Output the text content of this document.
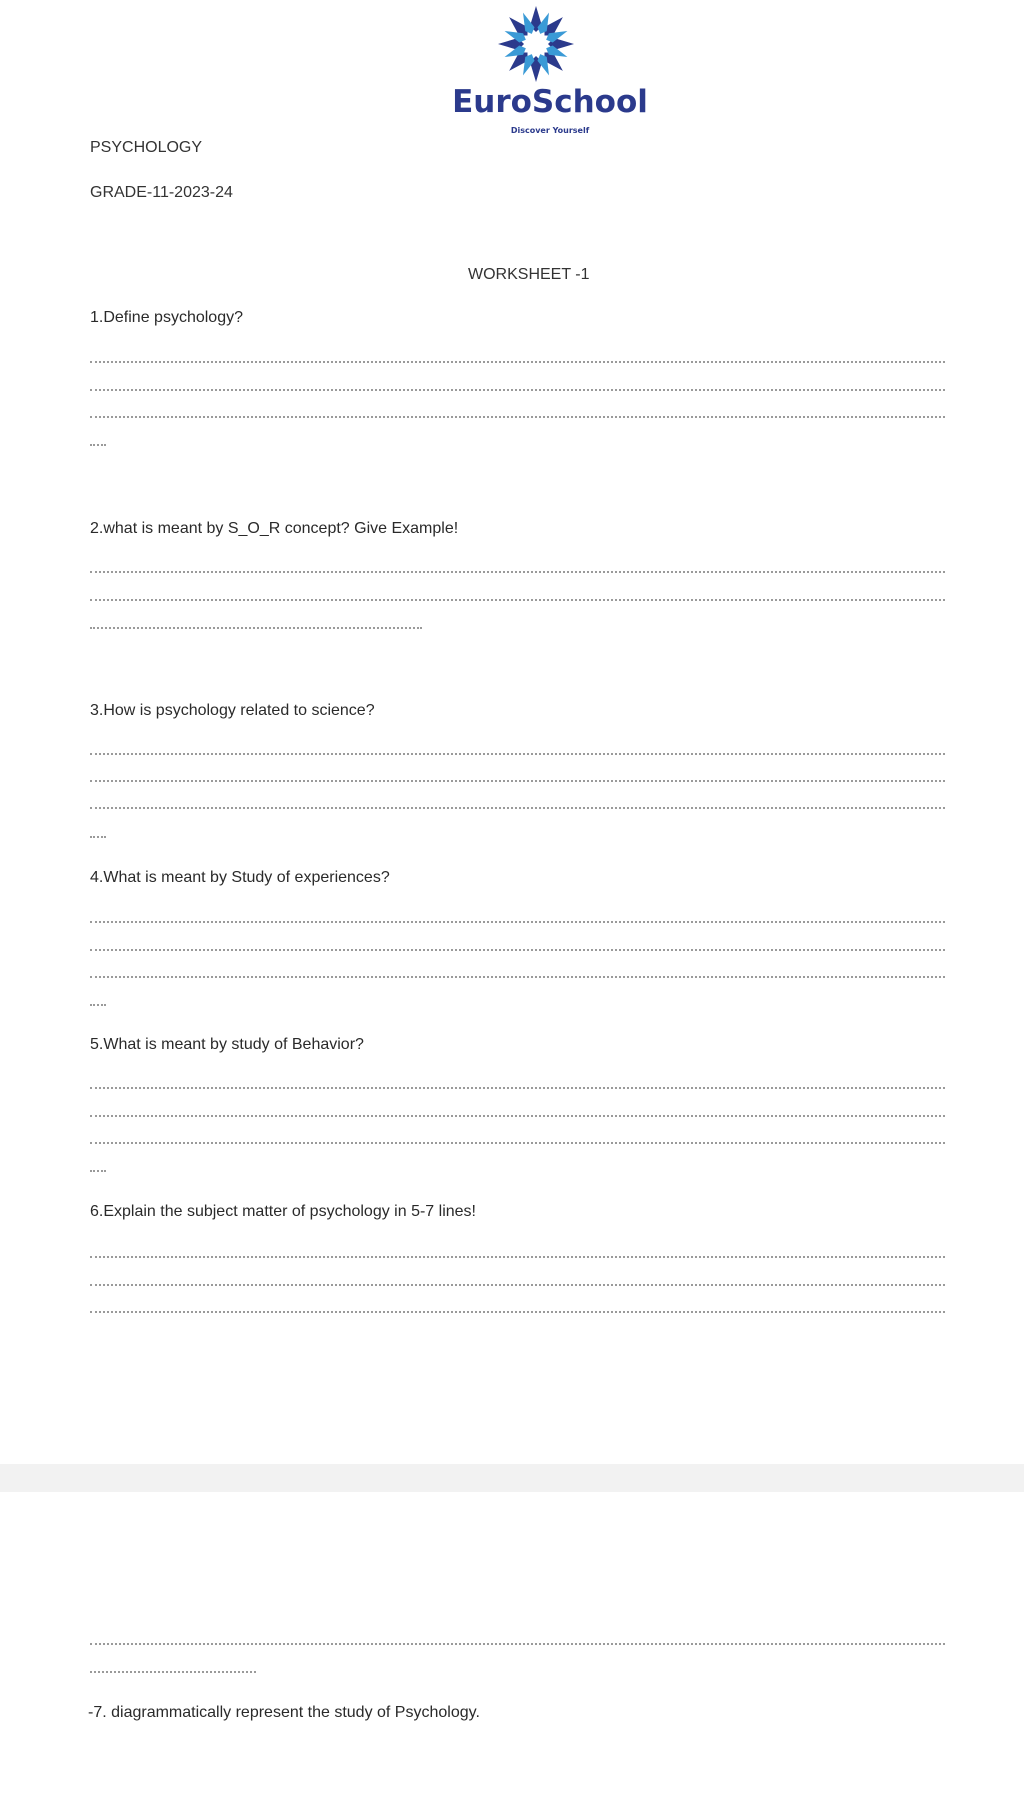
EuroSchool
Discover Yourself
PSYCHOLOGY
GRADE-11-2023-24
WORKSHEET -1
1.Define psychology?
2.what is meant by S_O_R concept? Give Example!
3.How is psychology related to science?
4.What is meant by Study of experiences?
5.What is meant by study of Behavior?
6.Explain the subject matter of psychology in 5-7 lines!
-7. diagrammatically represent the study of Psychology.
